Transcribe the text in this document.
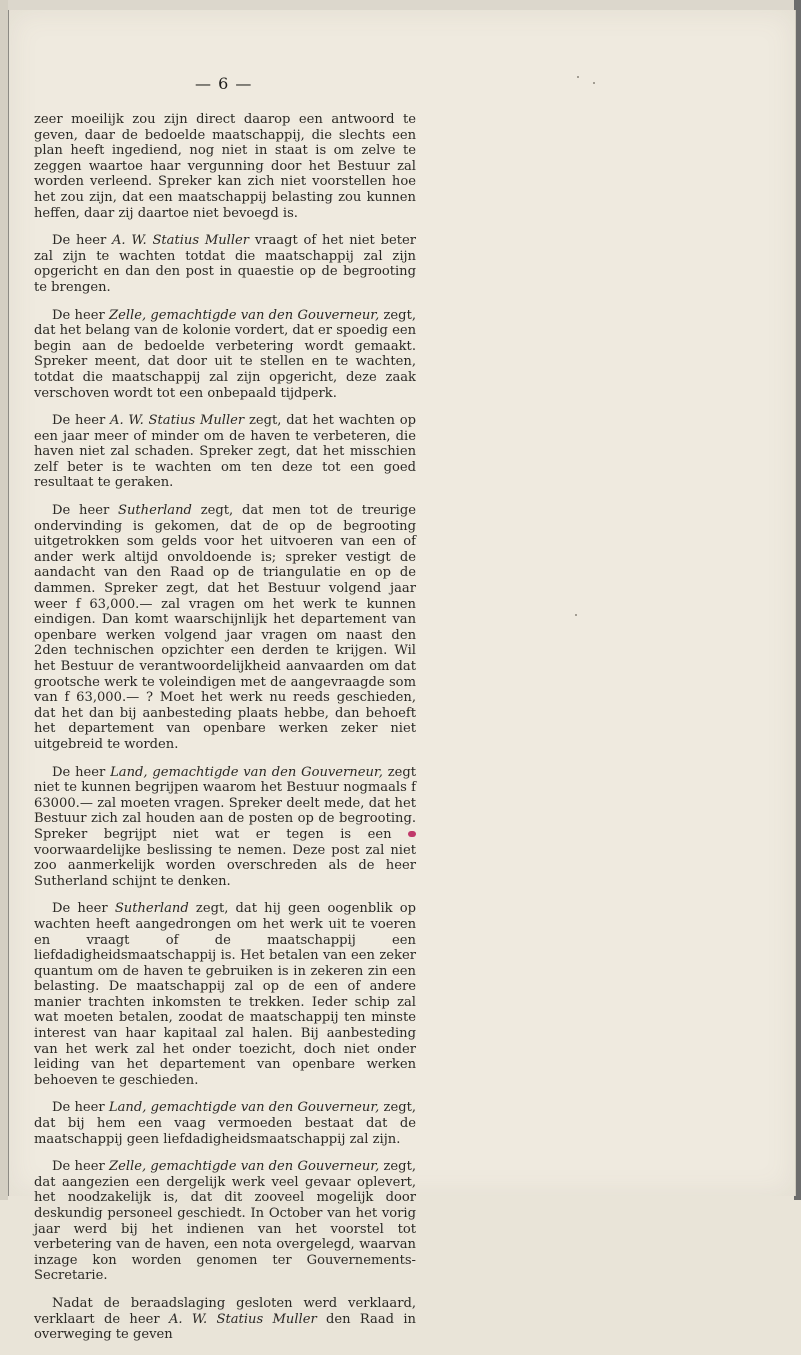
— 6 —

zeer moeilijk zou zijn direct daarop een antwoord te geven, daar de bedoelde maatschappij, die slechts een plan heeft ingediend, nog niet in staat is om zelve te zeggen waartoe haar vergunning door het Bestuur zal worden verleend. Spreker kan zich niet voorstellen hoe het zou zijn, dat een maatschappij belasting zou kunnen heffen, daar zij daartoe niet bevoegd is.

De heer A. W. Statius Muller vraagt of het niet beter zal zijn te wachten totdat die maatschappij zal zijn opgericht en dan den post in quaestie op de begrooting te brengen.

De heer Zelle, gemachtigde van den Gouverneur, zegt, dat het belang van de kolonie vordert, dat er spoedig een begin aan de bedoelde verbetering wordt gemaakt. Spreker meent, dat door uit te stellen en te wachten, totdat die maatschappij zal zijn opgericht, deze zaak verschoven wordt tot een onbepaald tijdperk.

De heer A. W. Statius Muller zegt, dat het wachten op een jaar meer of minder om de haven te verbeteren, die haven niet zal schaden. Spreker zegt, dat het misschien zelf beter is te wachten om ten deze tot een goed resultaat te geraken.

De heer Sutherland zegt, dat men tot de treurige ondervinding is gekomen, dat de op de begrooting uitgetrokken som gelds voor het uitvoeren van een of ander werk altijd onvoldoende is; spreker vestigt de aandacht van den Raad op de triangulatie en op de dammen. Spreker zegt, dat het Bestuur volgend jaar weer f 63,000.— zal vragen om het werk te kunnen eindigen. Dan komt waarschijnlijk het departement van openbare werken volgend jaar vragen om naast den 2den technischen opzichter een derden te krijgen. Wil het Bestuur de verantwoordelijkheid aanvaarden om dat grootsche werk te voleindigen met de aangevraagde som van f 63,000.— ? Moet het werk nu reeds geschieden, dat het dan bij aanbesteding plaats hebbe, dan behoeft het departement van openbare werken zeker niet uitgebreid te worden.

De heer Land, gemachtigde van den Gouverneur, zegt niet te kunnen begrijpen waarom het Bestuur nogmaals f 63000.— zal moeten vragen. Spreker deelt mede, dat het Bestuur zich zal houden aan de posten op de begrooting. Spreker begrijpt niet wat er tegen is een voorwaardelijke beslissing te nemen. Deze post zal niet zoo aanmerkelijk worden overschreden als de heer Sutherland schijnt te denken.

De heer Sutherland zegt, dat hij geen oogenblik op wachten heeft aangedrongen om het werk uit te voeren en vraagt of de maatschappij een liefdadigheidsmaatschappij is. Het betalen van een zeker quantum om de haven te gebruiken is in zekeren zin een belasting. De maatschappij zal op de een of andere manier trachten inkomsten te trekken. Ieder schip zal wat moeten betalen, zoodat de maatschappij ten minste interest van haar kapitaal zal halen. Bij aanbesteding van het werk zal het onder toezicht, doch niet onder leiding van het departement van openbare werken behoeven te geschieden.

De heer Land, gemachtigde van den Gouverneur, zegt, dat bij hem een vaag vermoeden bestaat dat de maatschappij geen liefdadigheidsmaatschappij zal zijn.

De heer Zelle, gemachtigde van den Gouverneur, zegt, dat aangezien een dergelijk werk veel gevaar oplevert, het noodzakelijk is, dat dit zooveel mogelijk door deskundig personeel geschiedt. In October van het vorig jaar werd bij het indienen van het voorstel tot verbetering van de haven, een nota overgelegd, waarvan inzage kon worden genomen ter Gouvernements-Secretarie.

Nadat de beraadslaging gesloten werd verklaard, verklaart de heer A. W. Statius Muller den Raad in overweging te geven
